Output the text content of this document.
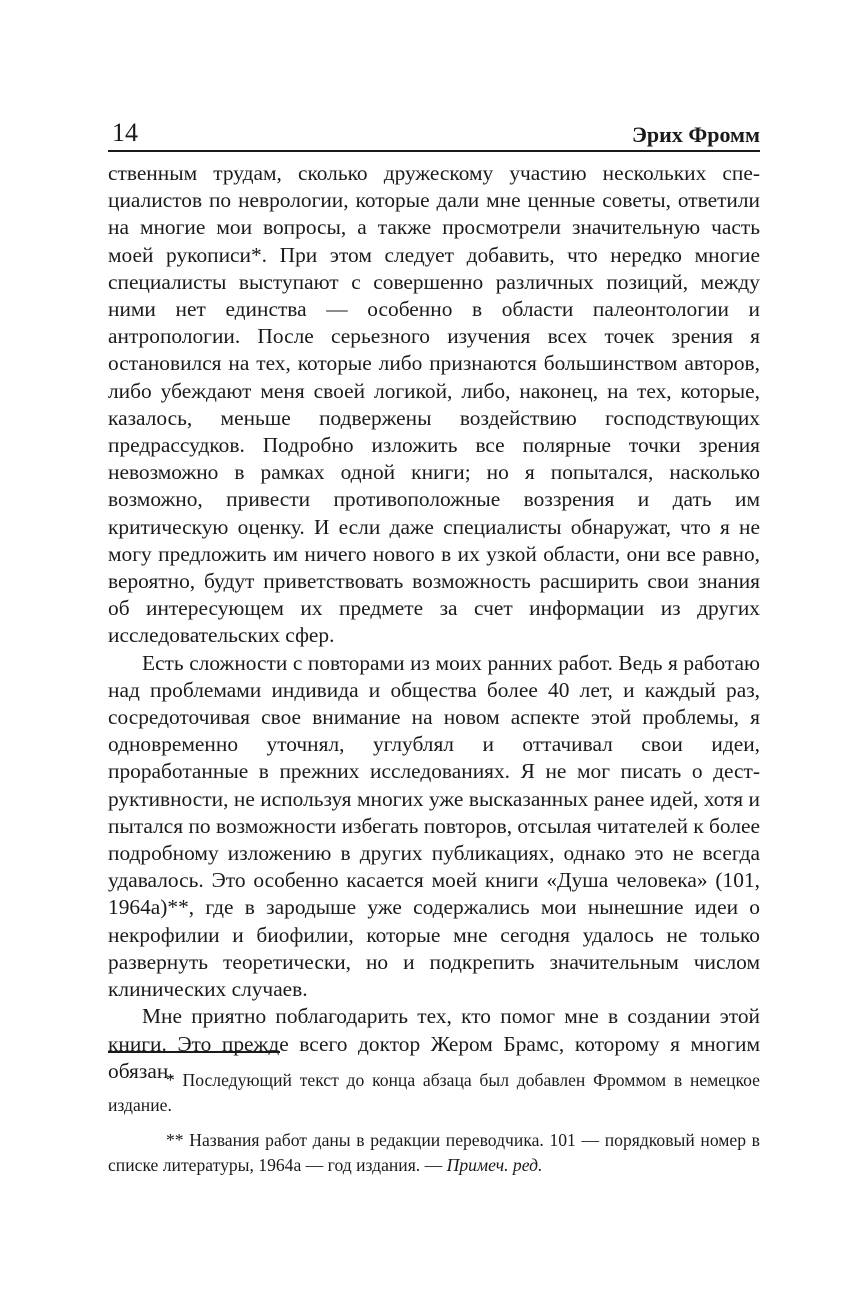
14	Эрих Фромм

ственным трудам, сколько дружескому участию нескольких специалистов по неврологии, которые дали мне ценные советы, ответили на многие мои вопросы, а также просмотрели значительную часть моей рукописи*. При этом следует добавить, что нередко многие специалисты выступают с совершенно различных позиций, между ними нет единства — особенно в области палеонтологии и антропологии. После серьезного изучения всех точек зрения я остановился на тех, которые либо признаются большинством авторов, либо убеждают меня своей логикой, либо, наконец, на тех, которые, казалось, меньше подвержены воздействию господствующих предрассудков. Подробно изложить все полярные точки зрения невозможно в рамках одной книги; но я попытался, насколько возможно, привести противоположные воззрения и дать им критическую оценку. И если даже специалисты обнаружат, что я не могу предложить им ничего нового в их узкой области, они все равно, вероятно, будут приветствовать возможность расширить свои знания об интересующем их предмете за счет информации из других исследовательских сфер.

Есть сложности с повторами из моих ранних работ. Ведь я работаю над проблемами индивида и общества более 40 лет, и каждый раз, сосредоточивая свое внимание на новом аспекте этой проблемы, я одновременно уточнял, углублял и оттачивал свои идеи, проработанные в прежних исследованиях. Я не мог писать о деструктивности, не используя многих уже высказанных ранее идей, хотя и пытался по возможности избегать повторов, отсылая читателей к более подробному изложению в других публикациях, однако это не всегда удавалось. Это особенно касается моей книги «Душа человека» (101, 1964а)**, где в зародыше уже содержались мои нынешние идеи о некрофилии и биофилии, которые мне сегодня удалось не только развернуть теоретически, но и подкрепить значительным числом клинических случаев.

Мне приятно поблагодарить тех, кто помог мне в создании этой книги. Это прежде всего доктор Жером Брамс, которому я многим обязан.

* Последующий текст до конца абзаца был добавлен Фроммом в немецкое издание.

** Названия работ даны в редакции переводчика. 101 — порядковый номер в списке литературы, 1964а — год издания. — Примеч. ред.
